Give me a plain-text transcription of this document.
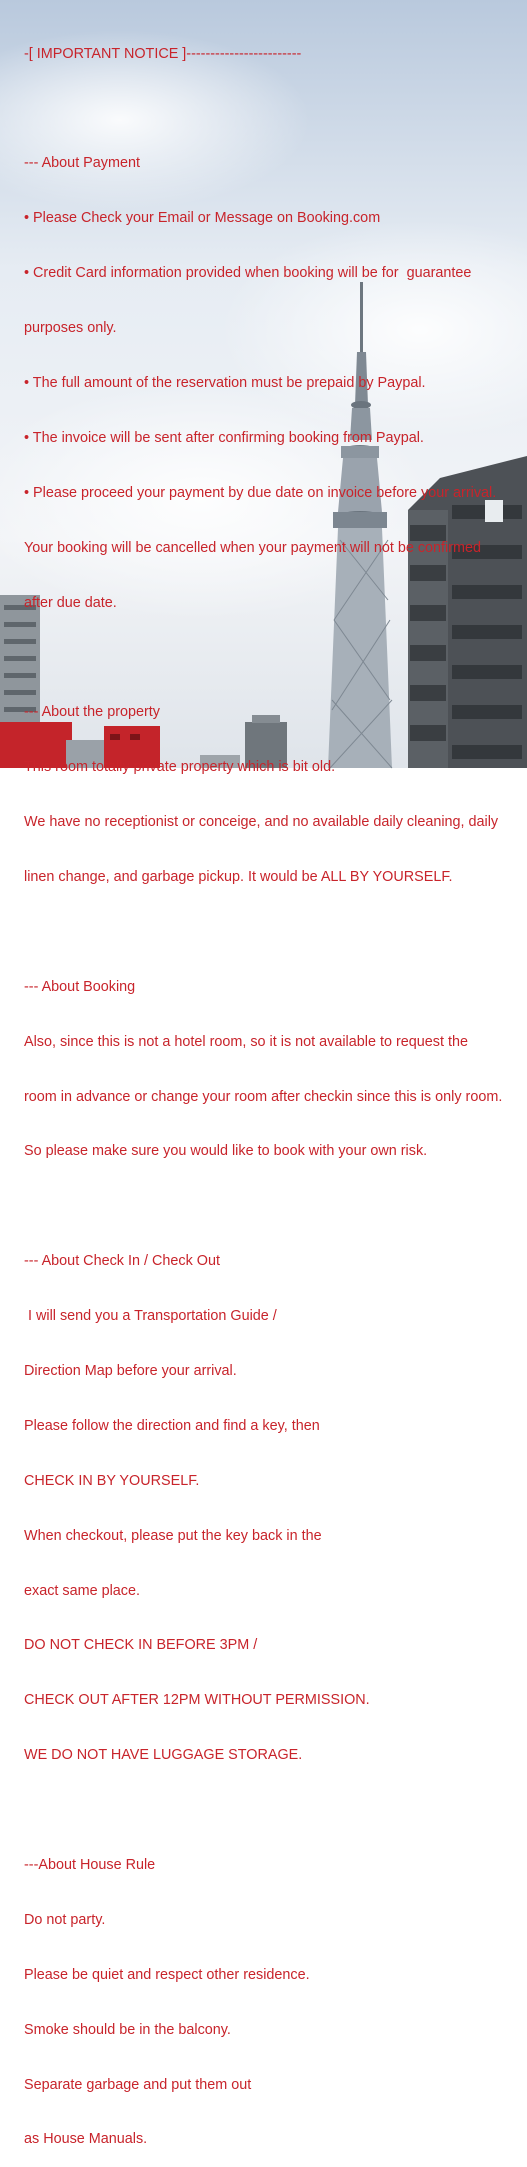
-[ IMPORTANT NOTICE ]------------------------

--- About Payment

• Please Check your Email or Message on Booking.com

• Credit Card information provided when booking will be for  guarantee

purposes only.

• The full amount of the reservation must be prepaid by Paypal.

• The invoice will be sent after confirming booking from Paypal.

• Please proceed your payment by due date on invoice before your arrival.

Your booking will be cancelled when your payment will not be confirmed

after due date.

--- About the property

This room totally private property which is bit old.

We have no receptionist or conceige, and no available daily cleaning, daily

linen change, and garbage pickup. It would be ALL BY YOURSELF.

--- About Booking

Also, since this is not a hotel room, so it is not available to request the

room in advance or change your room after checkin since this is only room.

So please make sure you would like to book with your own risk.

--- About Check In / Check Out

I will send you a Transportation Guide /

Direction Map before your arrival.

Please follow the direction and find a key, then

CHECK IN BY YOURSELF.

When checkout, please put the key back in the

exact same place.

DO NOT CHECK IN BEFORE 3PM /

CHECK OUT AFTER 12PM WITHOUT PERMISSION.

WE DO NOT HAVE LUGGAGE STORAGE.

---About House Rule

Do not party.

Please be quiet and respect other residence.

Smoke should be in the balcony.

Separate garbage and put them out

as House Manuals.
